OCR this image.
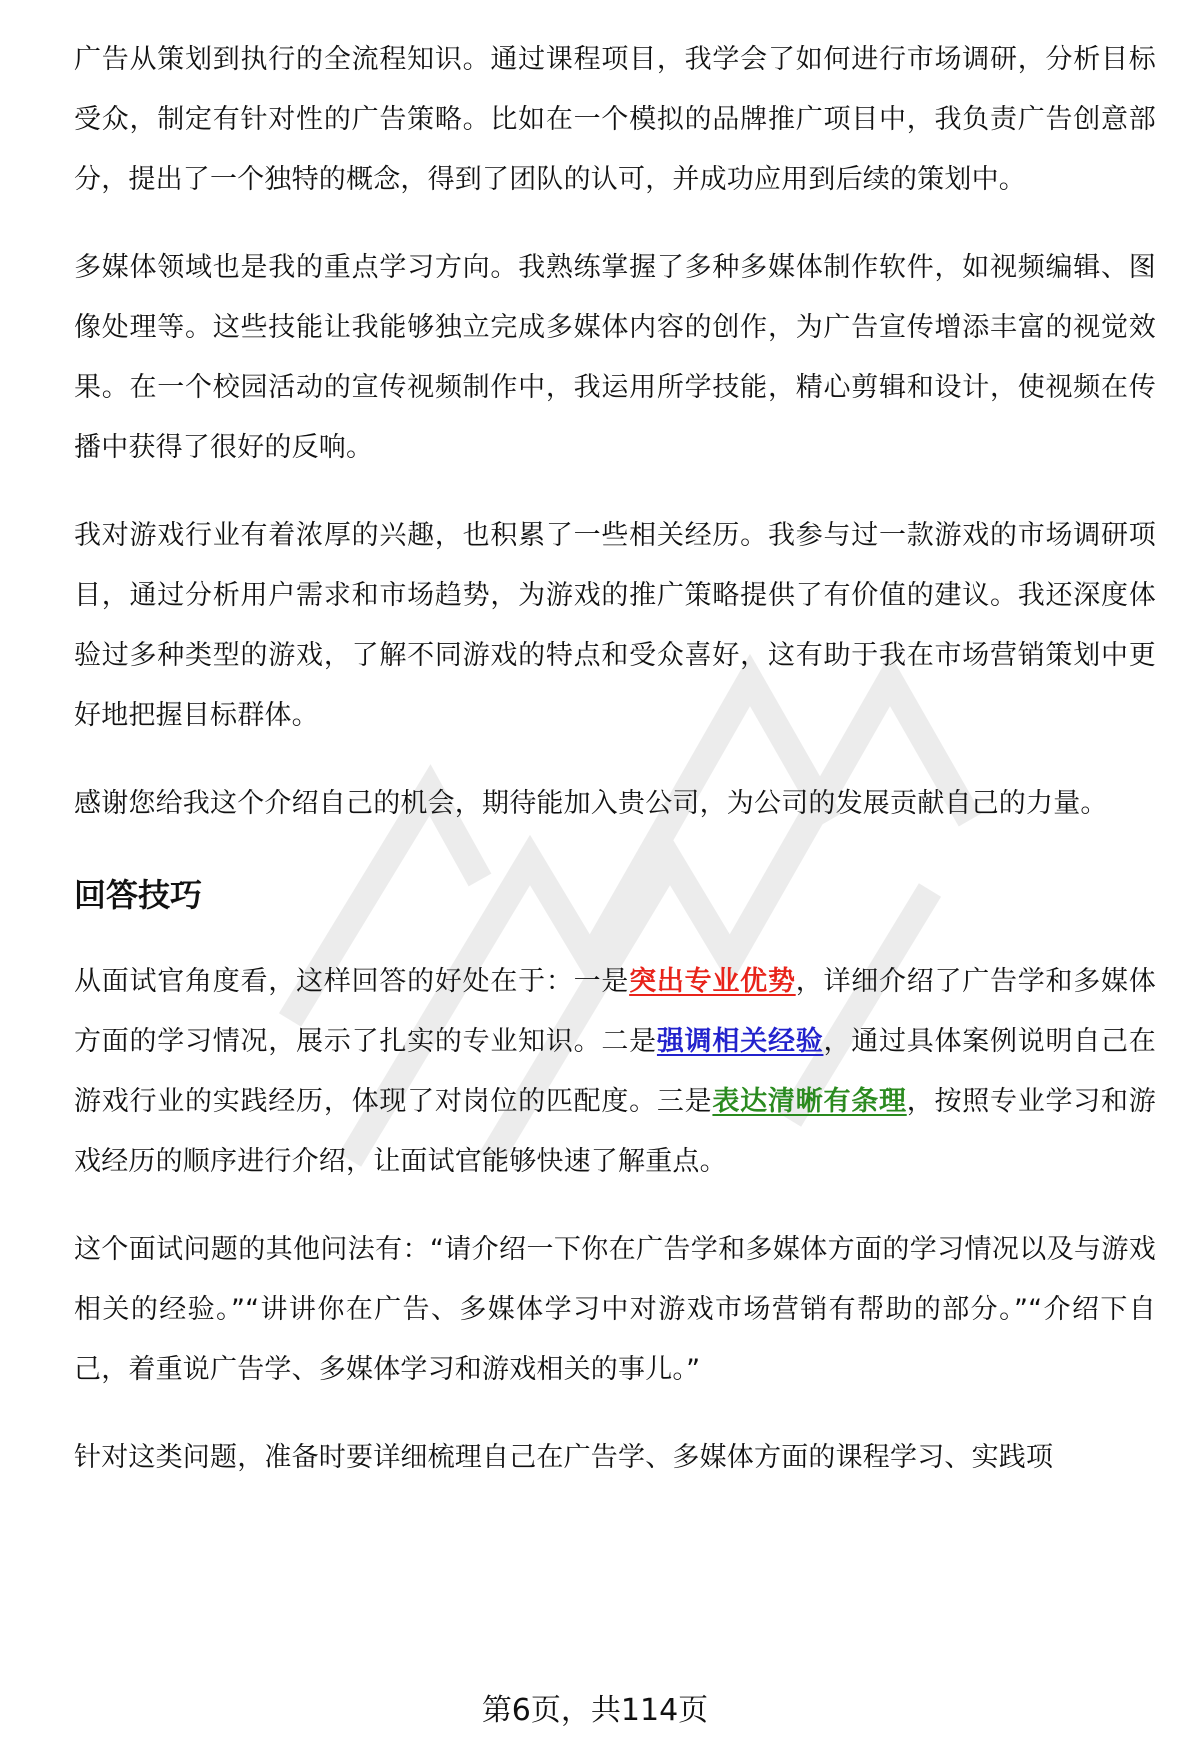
广告从策划到执行的全流程知识。通过课程项目，我学会了如何进行市场调研，分析目标受众，制定有针对性的广告策略。比如在一个模拟的品牌推广项目中，我负责广告创意部分，提出了一个独特的概念，得到了团队的认可，并成功应用到后续的策划中。

多媒体领域也是我的重点学习方向。我熟练掌握了多种多媒体制作软件，如视频编辑、图像处理等。这些技能让我能够独立完成多媒体内容的创作，为广告宣传增添丰富的视觉效果。在一个校园活动的宣传视频制作中，我运用所学技能，精心剪辑和设计，使视频在传播中获得了很好的反响。

我对游戏行业有着浓厚的兴趣，也积累了一些相关经历。我参与过一款游戏的市场调研项目，通过分析用户需求和市场趋势，为游戏的推广策略提供了有价值的建议。我还深度体验过多种类型的游戏，了解不同游戏的特点和受众喜好，这有助于我在市场营销策划中更好地把握目标群体。

感谢您给我这个介绍自己的机会，期待能加入贵公司，为公司的发展贡献自己的力量。

回答技巧

从面试官角度看，这样回答的好处在于：一是突出专业优势，详细介绍了广告学和多媒体方面的学习情况，展示了扎实的专业知识。二是强调相关经验，通过具体案例说明自己在游戏行业的实践经历，体现了对岗位的匹配度。三是表达清晰有条理，按照专业学习和游戏经历的顺序进行介绍，让面试官能够快速了解重点。

这个面试问题的其他问法有：“请介绍一下你在广告学和多媒体方面的学习情况以及与游戏相关的经验。”“讲讲你在广告、多媒体学习中对游戏市场营销有帮助的部分。”“介绍下自己，着重说广告学、多媒体学习和游戏相关的事儿。”

针对这类问题，准备时要详细梳理自己在广告学、多媒体方面的课程学习、实践项

第6页，共114页
